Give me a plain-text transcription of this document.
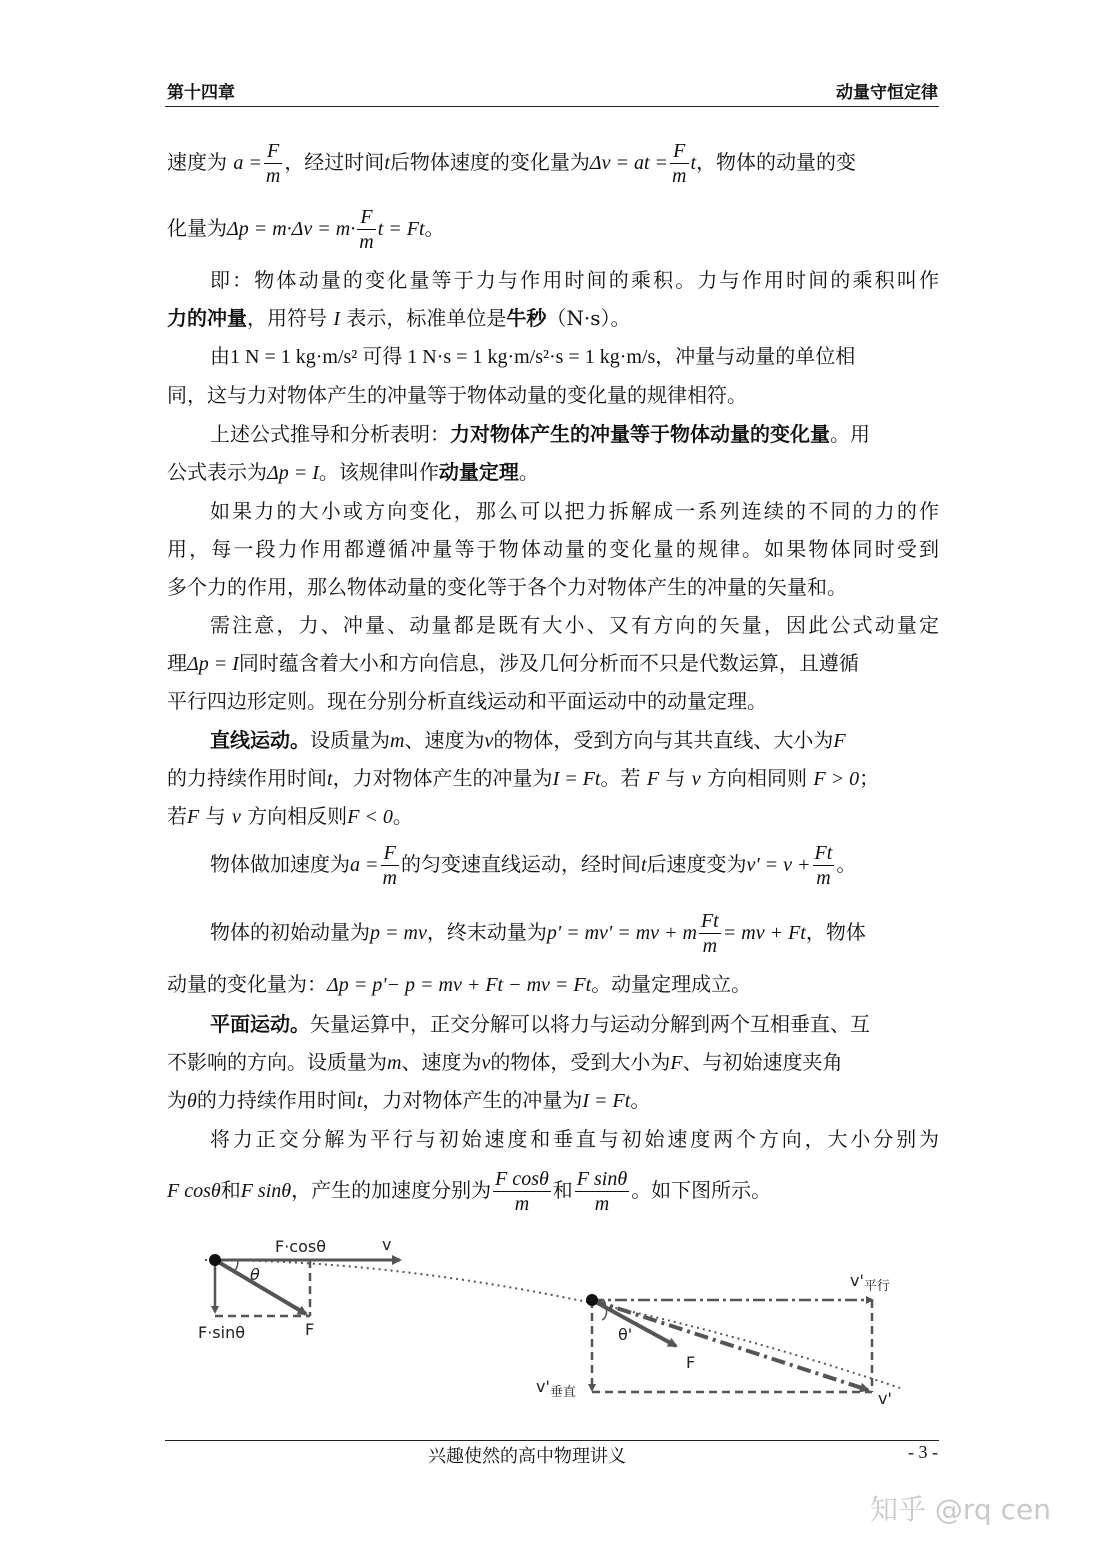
第十四章	动量守恒定律
速度为 $a = \frac{F}{m}$ ，经过时间t后物体速度的变化量为Δv = at = $\frac{F}{m}$ t，物体的动量的变
化量为$\Delta p = m\cdot\Delta v = m\cdot \frac{F}{m}$ t = Ft。
即：物体动量的变化量等于力与作用时间的乘积。力与作用时间的乘积叫作
力的冲量，用符号 I 表示，标准单位是牛秒（N·s）。
由1 N = 1 kg·m/s² 可得 1 N·s = 1 kg·m/s²·s = 1 kg·m/s，冲量与动量的单位相
同，这与力对物体产生的冲量等于物体动量的变化量的规律相符。
上述公式推导和分析表明：力对物体产生的冲量等于物体动量的变化量。用
公式表示为Δp = I。该规律叫作动量定理。
如果力的大小或方向变化，那么可以把力拆解成一系列连续的不同的力的作
用，每一段力作用都遵循冲量等于物体动量的变化量的规律。如果物体同时受到
多个力的作用，那么物体动量的变化等于各个力对物体产生的冲量的矢量和。
需注意，力、冲量、动量都是既有大小、又有方向的矢量，因此公式动量定
理Δp = I同时蕴含着大小和方向信息，涉及几何分析而不只是代数运算，且遵循
平行四边形定则。现在分别分析直线运动和平面运动中的动量定理。
直线运动。设质量为m、速度为v的物体，受到方向与其共直线、大小为F
的力持续作用时间t，力对物体产生的冲量为I = Ft。若 F 与 v 方向相同则 F > 0；
若F 与 v 方向相反则F < 0。
物体做加速度为$a = \frac{F}{m}$ 的匀变速直线运动，经时间t后速度变为$v' = v + \frac{Ft}{m}$ 。
物体的初始动量为p = mv，终末动量为p' = mv' = mv + m $\frac{Ft}{m}$ = mv + Ft，物体
动量的变化量为：Δp = p'− p = mv + Ft − mv = Ft。动量定理成立。
平面运动。矢量运算中，正交分解可以将力与运动分解到两个互相垂直、互
不影响的方向。设质量为m、速度为v的物体，受到大小为F、与初始速度夹角
为θ的力持续作用时间t，力对物体产生的冲量为I = Ft。
将力正交分解为平行与初始速度和垂直与初始速度两个方向，大小分别为
F cosθ和F sinθ，产生的加速度分别为 $\frac{\text{F cosθ}}{m}$ 和 $\frac{\text{F sinθ}}{m}$ 。如下图所示。
F·cosθ	v
θ
F·sinθ	F
$v'_{平行}$
θ'
F
$v'_{垂直}$	v'
兴趣使然的高中物理讲义	- 3 -
知乎 @rq cen
